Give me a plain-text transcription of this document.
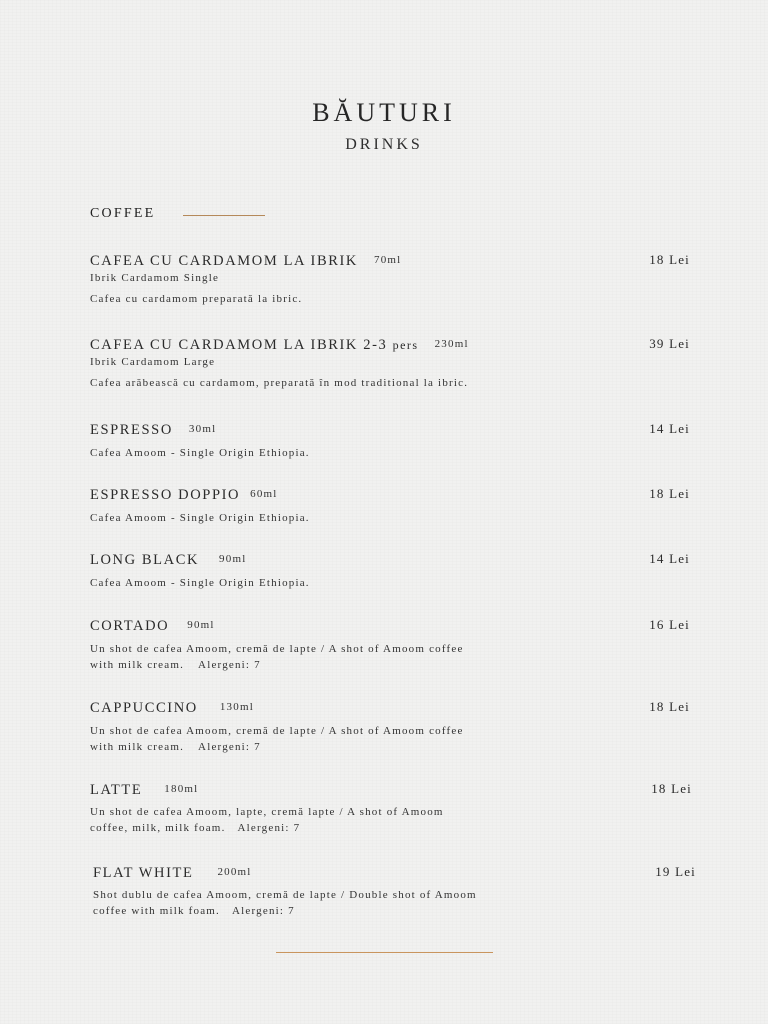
BĂUTURI
DRINKS
COFFEE
CAFEA CU CARDAMOM LA IBRIK 70ml	18 Lei
Ibrik Cardamom Single
Cafea cu cardamom preparată la ibric.
CAFEA CU CARDAMOM LA IBRIK 2-3 pers 230ml	39 Lei
Ibrik Cardamom Large
Cafea arăbească cu cardamom, preparată în mod traditional la ibric.
ESPRESSO 30ml	14 Lei
Cafea Amoom - Single Origin Ethiopia.
ESPRESSO DOPPIO 60ml	18 Lei
Cafea Amoom - Single Origin Ethiopia.
LONG BLACK 90ml	14 Lei
Cafea Amoom - Single Origin Ethiopia.
CORTADO 90ml	16 Lei
Un shot de cafea Amoom, cremă de lapte / A shot of Amoom coffee
with milk cream. Alergeni: 7
CAPPUCCINO 130ml	18 Lei
Un shot de cafea Amoom, cremă de lapte / A shot of Amoom coffee
with milk cream. Alergeni: 7
LATTE 180ml	18 Lei
Un shot de cafea Amoom, lapte, cremă lapte / A shot of Amoom
coffee, milk, milk foam. Alergeni: 7
FLAT WHITE 200ml	19 Lei
Shot dublu de cafea Amoom, cremă de lapte / Double shot of Amoom
coffee with milk foam. Alergeni: 7
